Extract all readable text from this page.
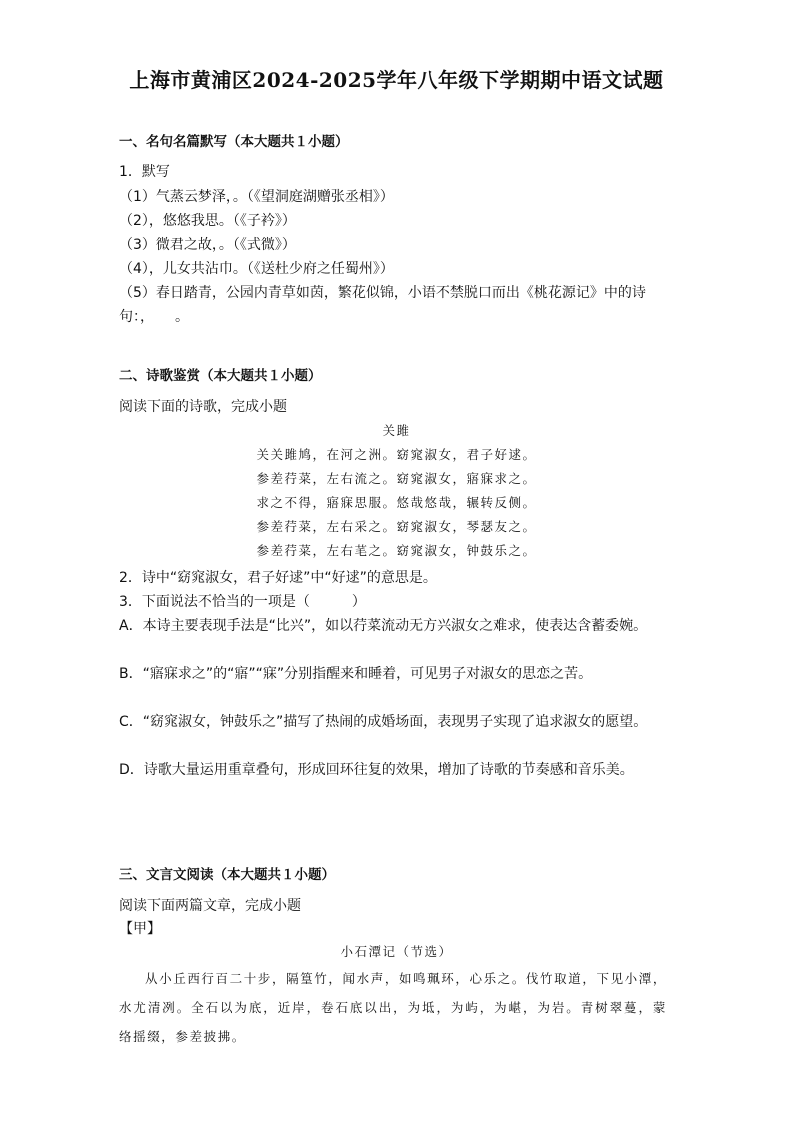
上海市黄浦区2024-2025学年八年级下学期期中语文试题
一、名句名篇默写（本大题共１小题）
1．默写
（1）气蒸云梦泽，。（《望洞庭湖赠张丞相》）
（2），悠悠我思。（《子衿》）
（3）微君之故，。（《式微》）
（4），儿女共沾巾。（《送杜少府之任蜀州》）
（5）春日踏青，公园内青草如茵，繁花似锦，小语不禁脱口而出《桃花源记》中的诗句：，　　。
二、诗歌鉴赏（本大题共１小题）
阅读下面的诗歌，完成小题
关雎
关关雎鸠，在河之洲。窈窕淑女，君子好逑。
参差荇菜，左右流之。窈窕淑女，寤寐求之。
求之不得，寤寐思服。悠哉悠哉，辗转反侧。
参差荇菜，左右采之。窈窕淑女，琴瑟友之。
参差荇菜，左右芼之。窈窕淑女，钟鼓乐之。
2．诗中“窈窕淑女，君子好逑”中“好逑”的意思是。
3．下面说法不恰当的一项是（　　　）
A．本诗主要表现手法是“比兴”，如以荇菜流动无方兴淑女之难求，使表达含蓄委婉。
B．“寤寐求之”的“寤”“寐”分别指醒来和睡着，可见男子对淑女的思恋之苦。
C．“窈窕淑女，钟鼓乐之”描写了热闹的成婚场面，表现男子实现了追求淑女的愿望。
D．诗歌大量运用重章叠句，形成回环往复的效果，增加了诗歌的节奏感和音乐美。
三、文言文阅读（本大题共１小题）
阅读下面两篇文章，完成小题
【甲】
小石潭记（节选）
从小丘西行百二十步，隔篁竹，闻水声，如鸣珮环，心乐之。伐竹取道，下见小潭，水尤清冽。全石以为底，近岸，卷石底以出，为坻，为屿，为嵁，为岩。青树翠蔓，蒙络摇缀，参差披拂。
